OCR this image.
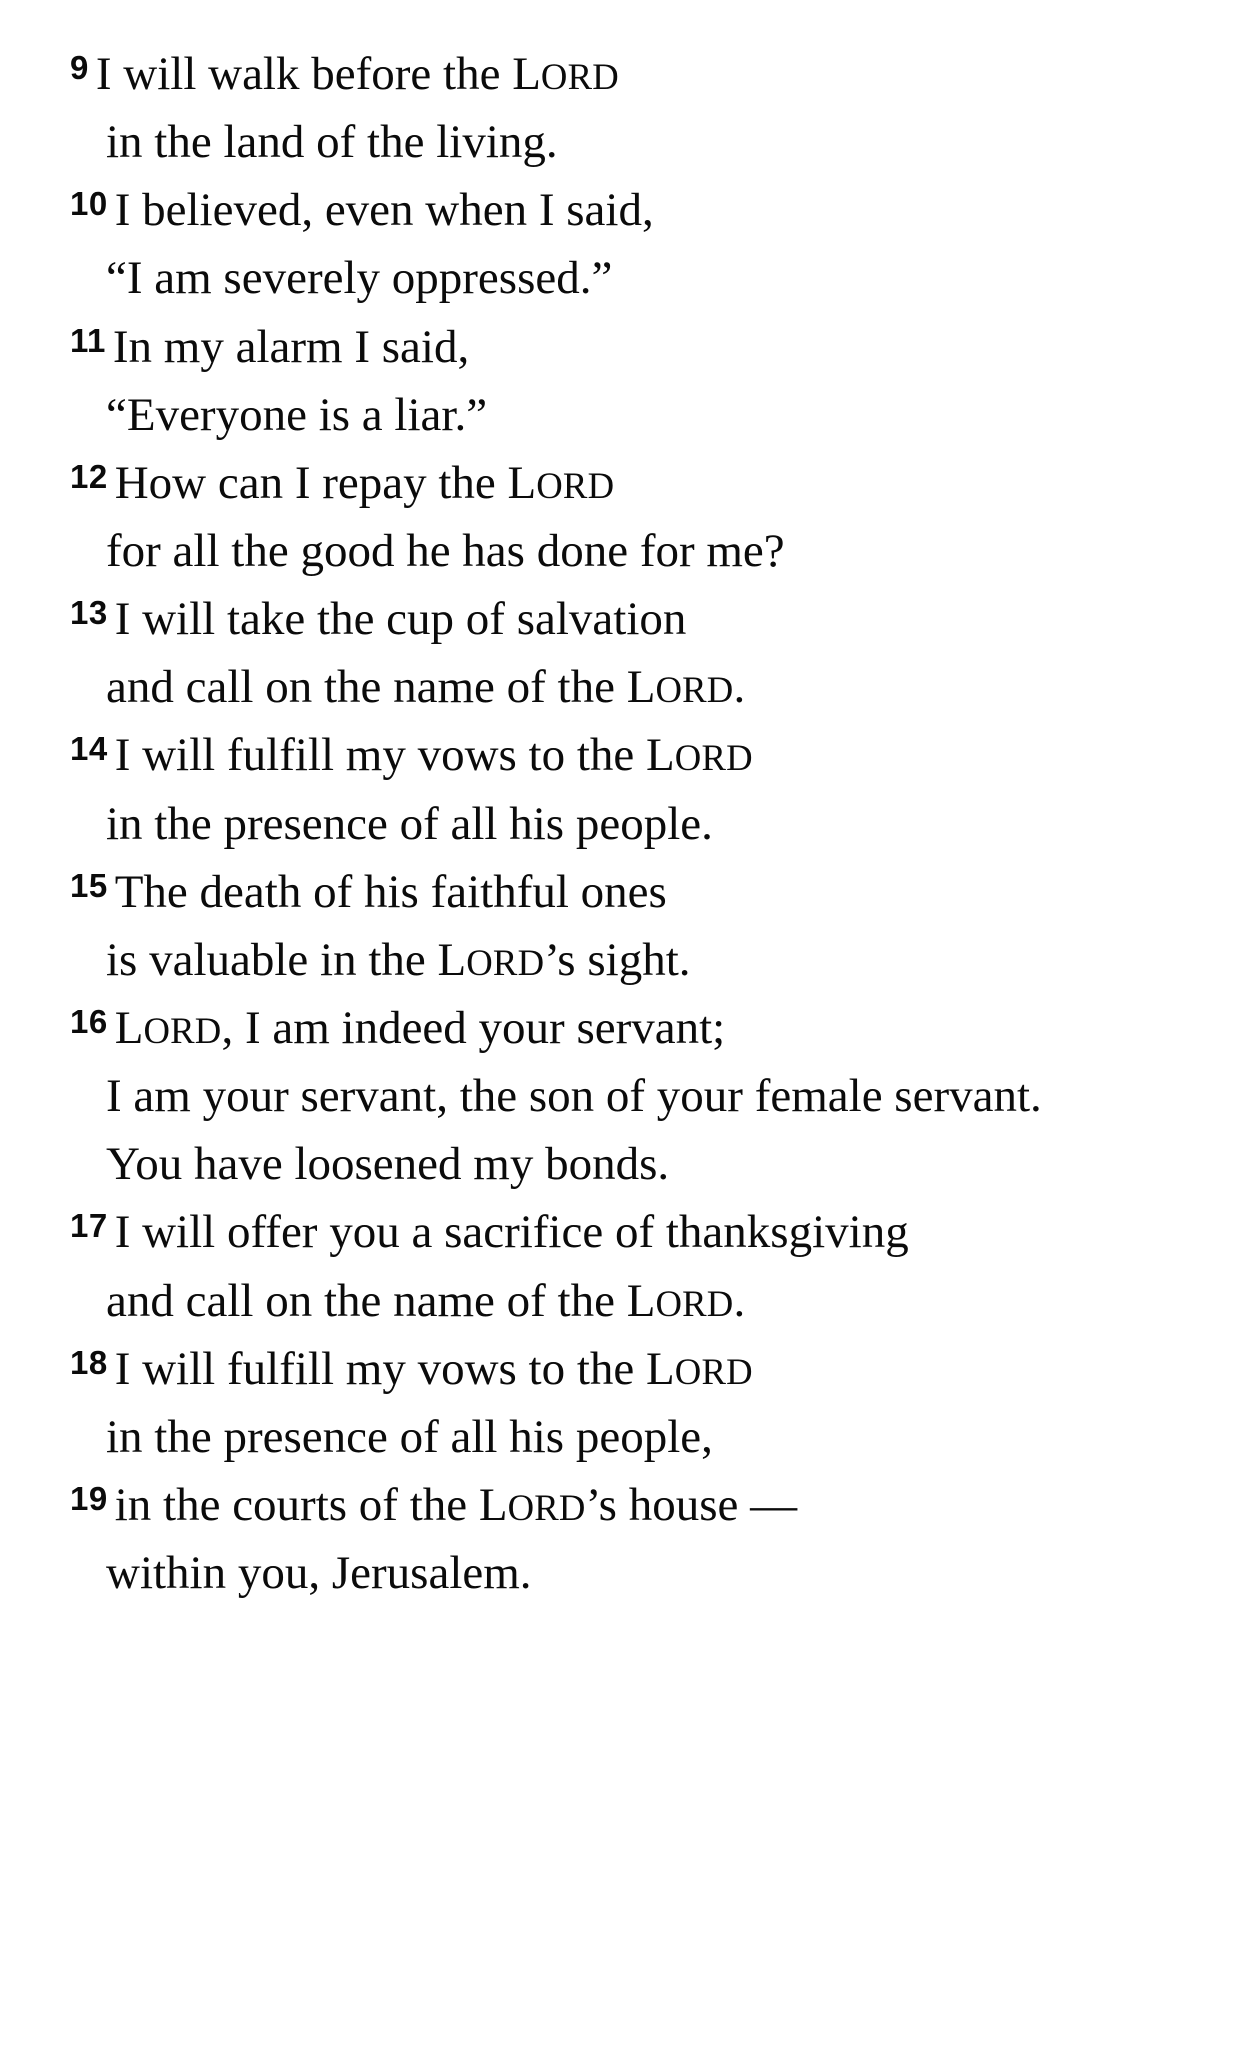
$^9$ I will walk before the LORD
in the land of the living.
$^{10}$ I believed, even when I said,
“I am severely oppressed.”
$^{11}$ In my alarm I said,
“Everyone is a liar.”
$^{12}$ How can I repay the LORD
for all the good he has done for me?
$^{13}$ I will take the cup of salvation
and call on the name of the LORD.
$^{14}$ I will fulfill my vows to the LORD
in the presence of all his people.
$^{15}$ The death of his faithful ones
is valuable in the LORD’s sight.
$^{16}$ LORD, I am indeed your servant;
I am your servant, the son of your female servant.
You have loosened my bonds.
$^{17}$ I will offer you a sacrifice of thanksgiving
and call on the name of the LORD.
$^{18}$ I will fulfill my vows to the LORD
in the presence of all his people,
$^{19}$ in the courts of the LORD’s house —
within you, Jerusalem.
